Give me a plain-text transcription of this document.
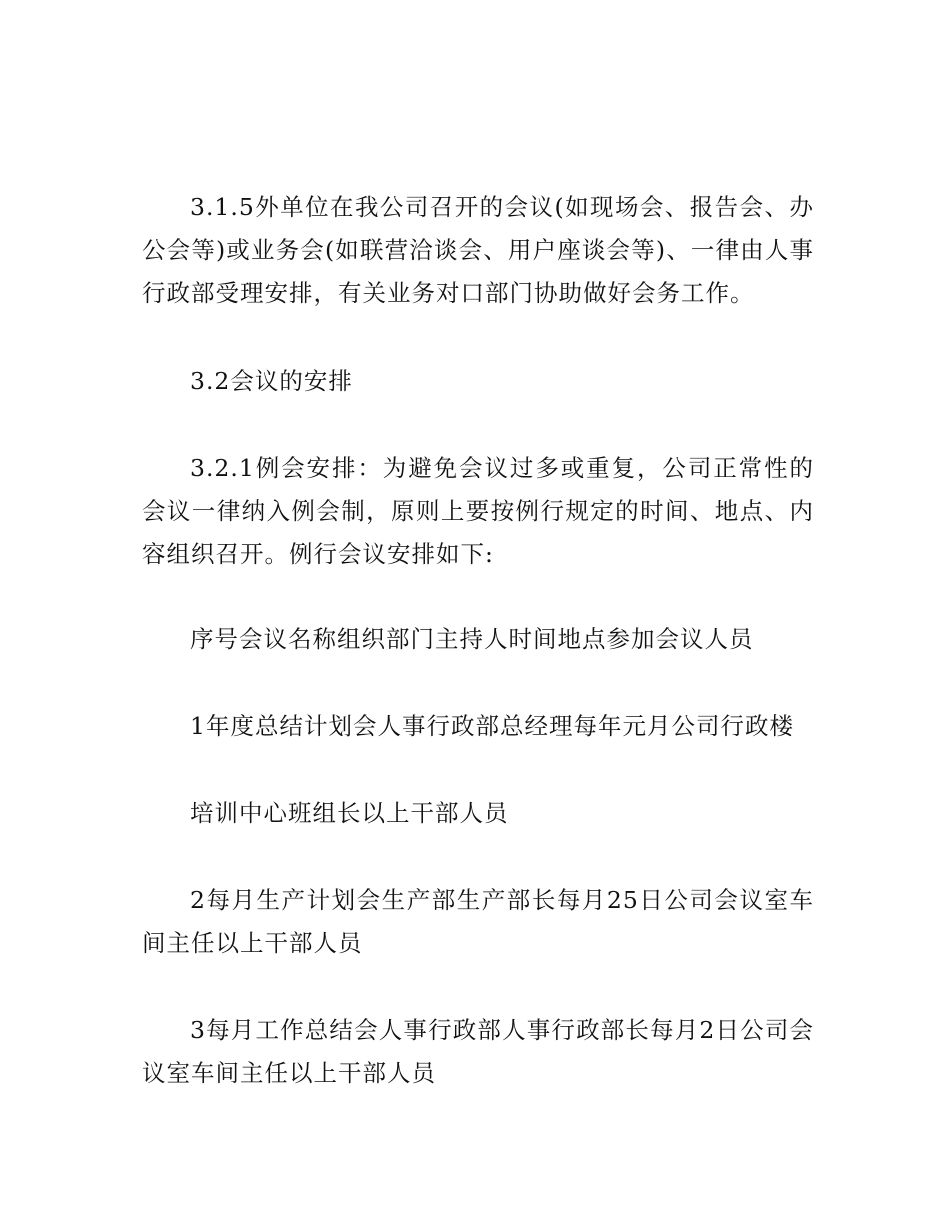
3.1.5外单位在我公司召开的会议(如现场会、报告会、办公会等)或业务会(如联营洽谈会、用户座谈会等)、一律由人事行政部受理安排，有关业务对口部门协助做好会务工作。

3.2会议的安排

3.2.1例会安排：为避免会议过多或重复，公司正常性的会议一律纳入例会制，原则上要按例行规定的时间、地点、内容组织召开。例行会议安排如下:

序号会议名称组织部门主持人时间地点参加会议人员

1年度总结计划会人事行政部总经理每年元月公司行政楼

培训中心班组长以上干部人员

2每月生产计划会生产部生产部长每月25日公司会议室车间主任以上干部人员

3每月工作总结会人事行政部人事行政部长每月2日公司会议室车间主任以上干部人员
